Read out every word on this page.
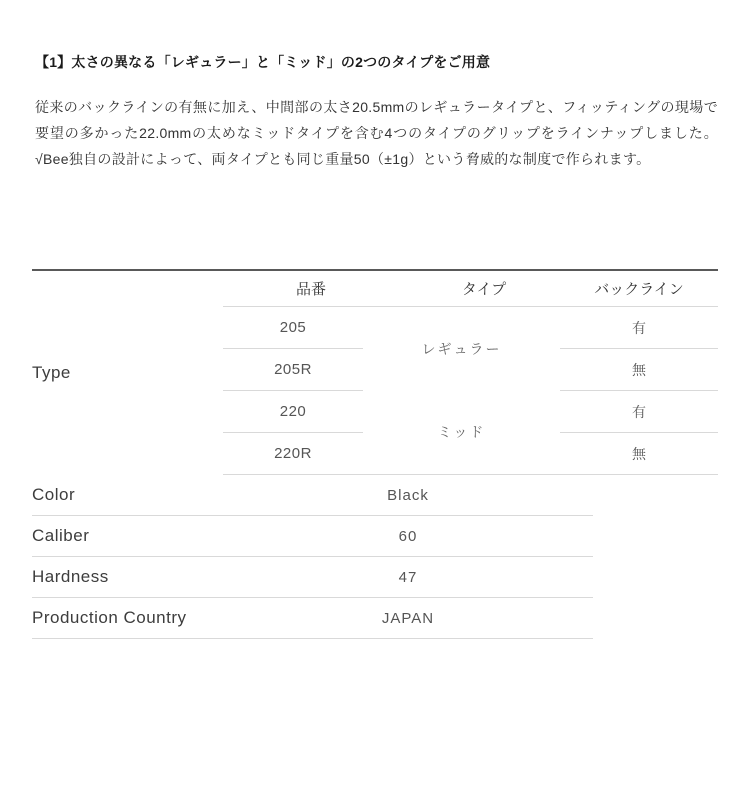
【1】太さの異なる「レギュラー」と「ミッド」の2つのタイプをご用意
従来のバックラインの有無に加え、中間部の太さ20.5mmのレギュラータイプと、フィッティングの現場で要望の多かった22.0mmの太めなミッドタイプを含む4つのタイプのグリップをラインナップしました。√Bee独自の設計によって、両タイプとも同じ重量50（±1g）という脅威的な制度で作られます。
Type	品番	タイプ	バックライン
	205	レギュラー	有
	205R		無
	220	ミッド	有
	220R		無
Color	Black
Caliber	60
Hardness	47
Production Country	JAPAN
